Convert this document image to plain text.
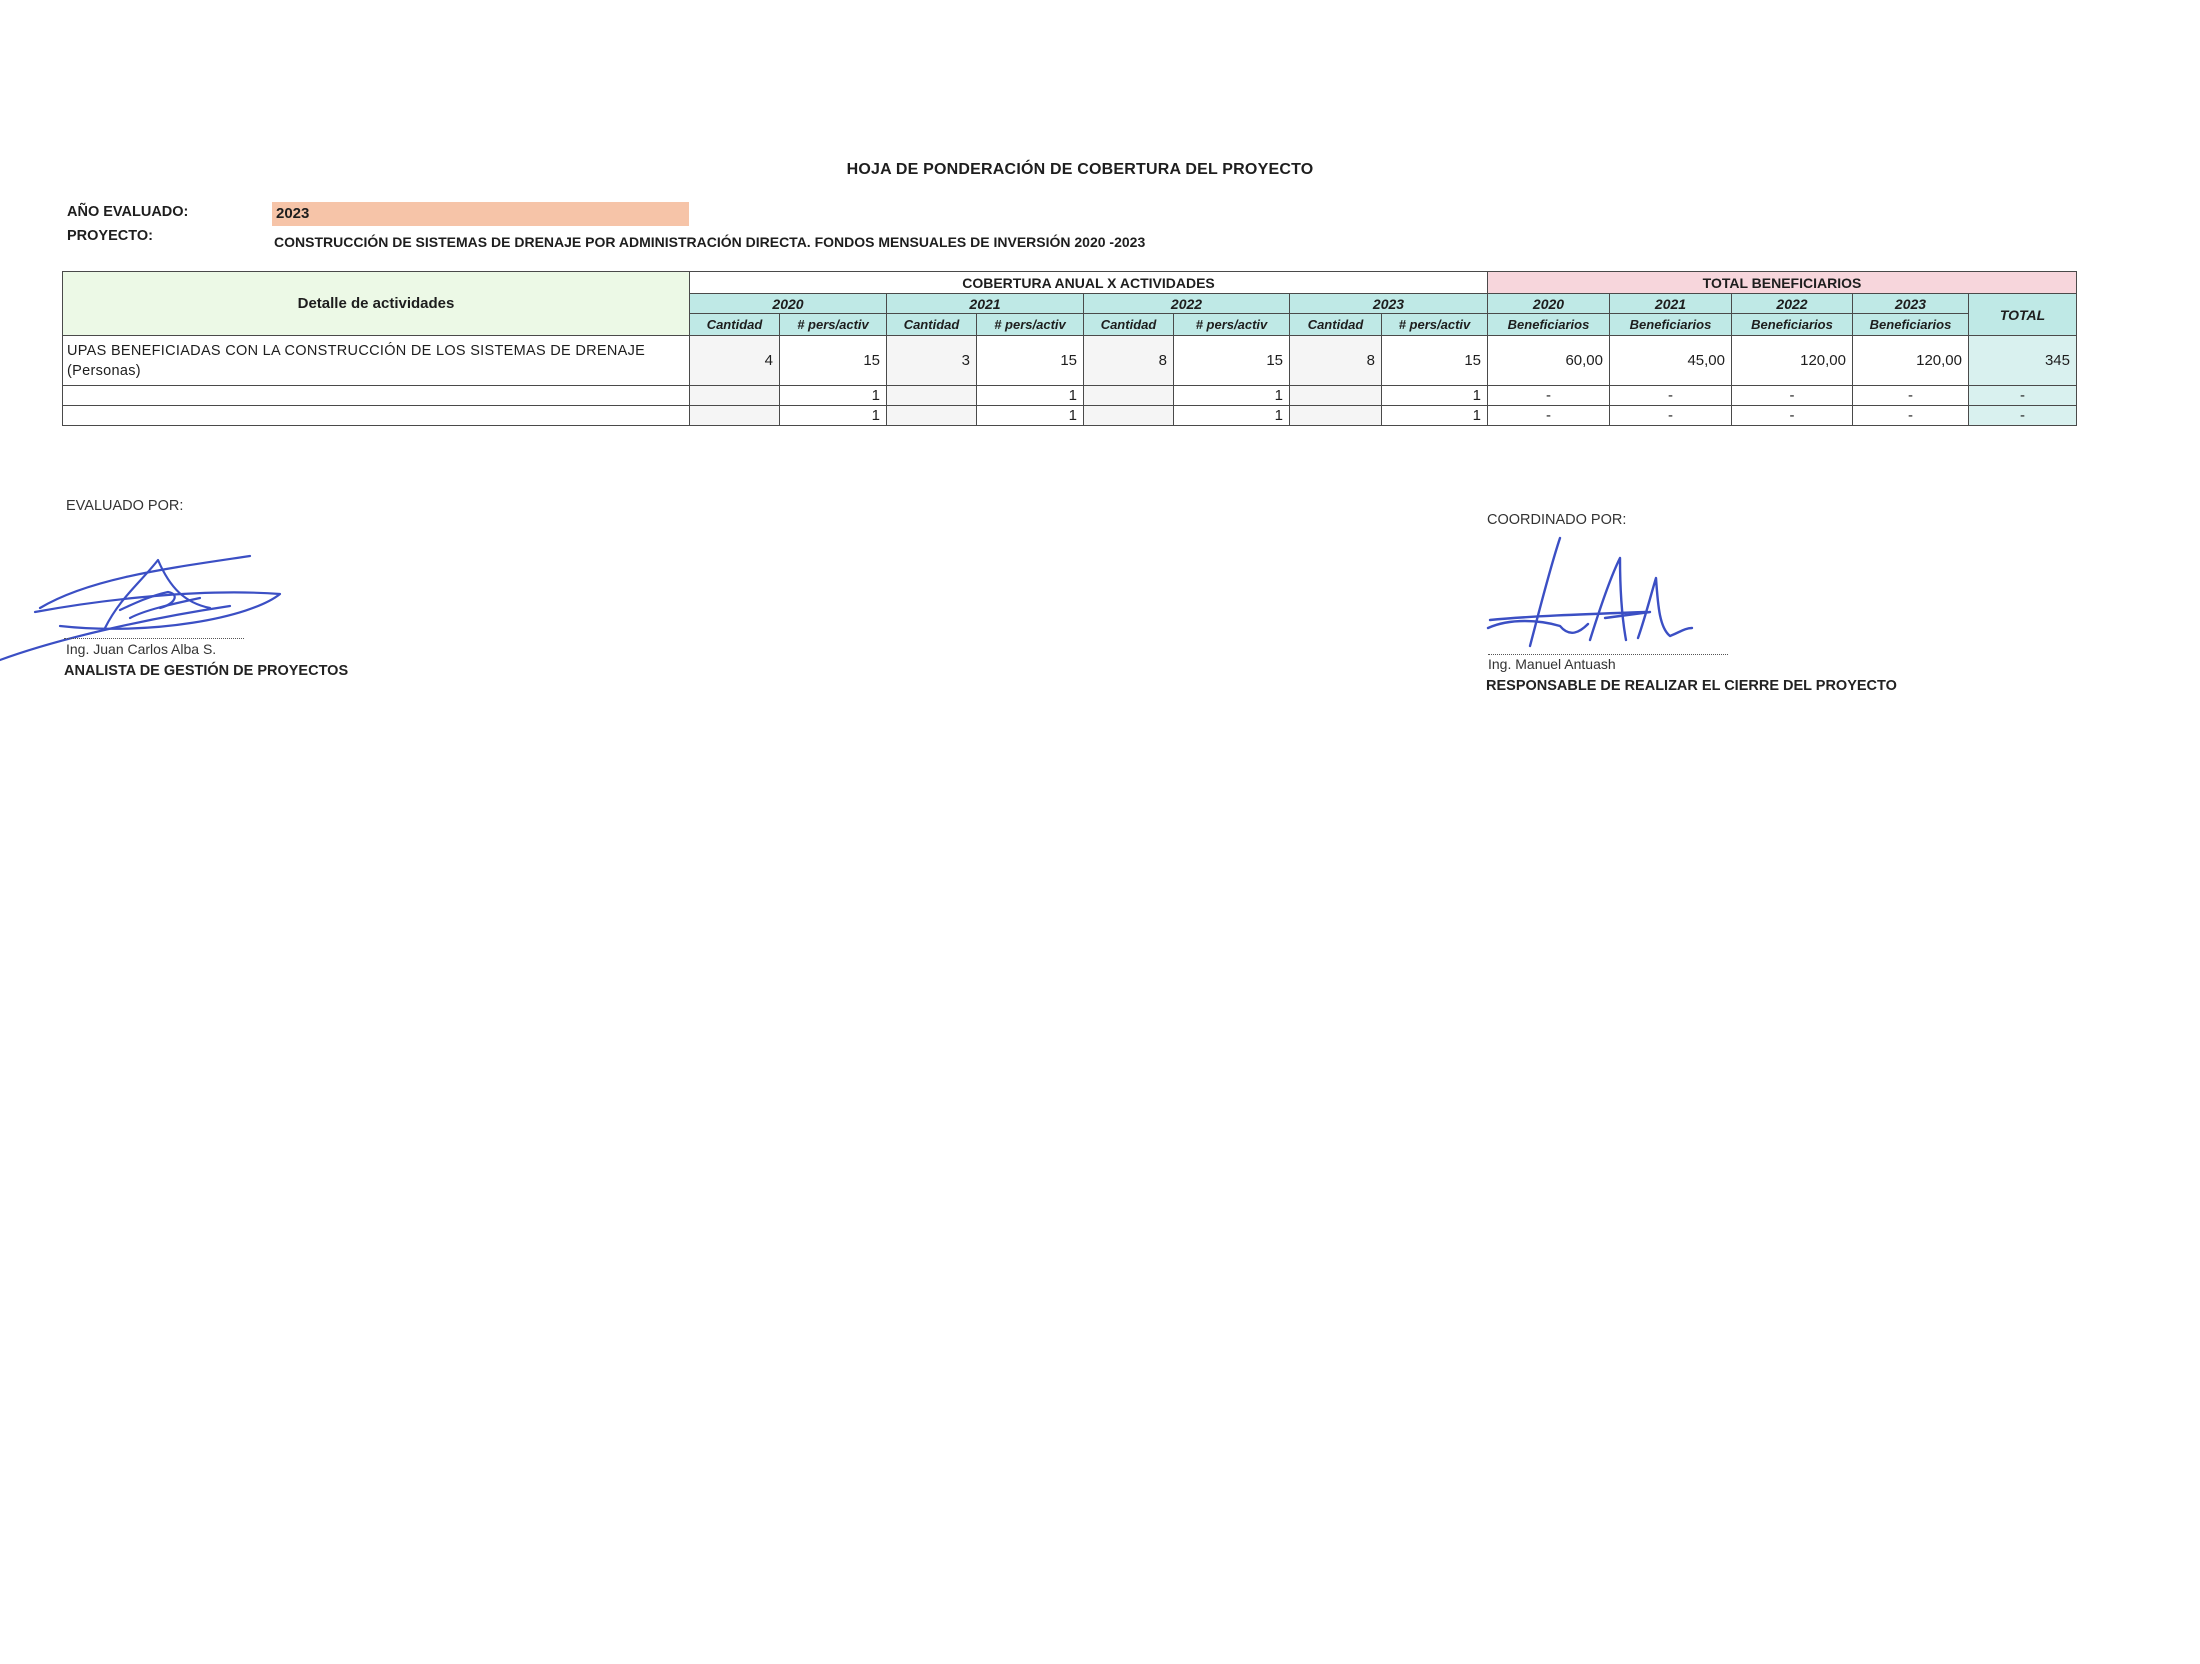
HOJA DE PONDERACIÓN DE COBERTURA DEL PROYECTO
AÑO EVALUADO:	2023
PROYECTO:	CONSTRUCCIÓN DE SISTEMAS DE DRENAJE POR ADMINISTRACIÓN DIRECTA. FONDOS MENSUALES DE INVERSIÓN 2020 -2023
Detalle de actividades	COBERTURA ANUAL X ACTIVIDADES								TOTAL BENEFICIARIOS				
	2020		2021		2022		2023		2020	2021	2022	2023	TOTAL
	Cantidad	# pers/activ	Cantidad	# pers/activ	Cantidad	# pers/activ	Cantidad	# pers/activ	Beneficiarios	Beneficiarios	Beneficiarios	Beneficiarios	
UPAS BENEFICIADAS CON LA CONSTRUCCIÓN DE LOS SISTEMAS DE DRENAJE (Personas)	4	15	3	15	8	15	8	15	60,00	45,00	120,00	120,00	345
		1		1		1		1	-	-	-	-	-
		1		1		1		1	-	-	-	-	-
EVALUADO POR:
Ing. Juan Carlos Alba S.
ANALISTA DE GESTIÓN DE PROYECTOS
COORDINADO POR:
Ing. Manuel Antuash
RESPONSABLE DE REALIZAR EL CIERRE DEL PROYECTO
